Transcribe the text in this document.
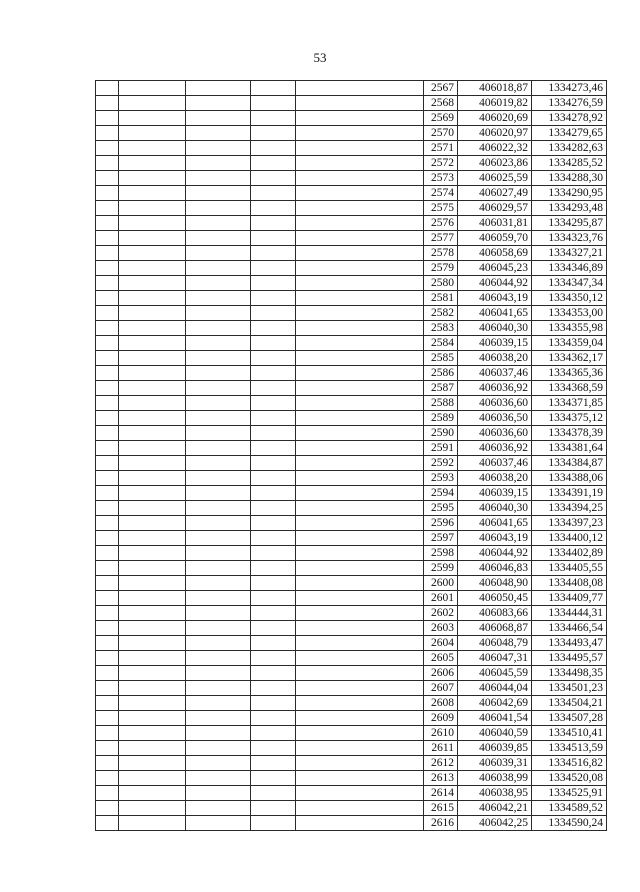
53
					2567	406018,87	1334273,46
					2568	406019,82	1334276,59
					2569	406020,69	1334278,92
					2570	406020,97	1334279,65
					2571	406022,32	1334282,63
					2572	406023,86	1334285,52
					2573	406025,59	1334288,30
					2574	406027,49	1334290,95
					2575	406029,57	1334293,48
					2576	406031,81	1334295,87
					2577	406059,70	1334323,76
					2578	406058,69	1334327,21
					2579	406045,23	1334346,89
					2580	406044,92	1334347,34
					2581	406043,19	1334350,12
					2582	406041,65	1334353,00
					2583	406040,30	1334355,98
					2584	406039,15	1334359,04
					2585	406038,20	1334362,17
					2586	406037,46	1334365,36
					2587	406036,92	1334368,59
					2588	406036,60	1334371,85
					2589	406036,50	1334375,12
					2590	406036,60	1334378,39
					2591	406036,92	1334381,64
					2592	406037,46	1334384,87
					2593	406038,20	1334388,06
					2594	406039,15	1334391,19
					2595	406040,30	1334394,25
					2596	406041,65	1334397,23
					2597	406043,19	1334400,12
					2598	406044,92	1334402,89
					2599	406046,83	1334405,55
					2600	406048,90	1334408,08
					2601	406050,45	1334409,77
					2602	406083,66	1334444,31
					2603	406068,87	1334466,54
					2604	406048,79	1334493,47
					2605	406047,31	1334495,57
					2606	406045,59	1334498,35
					2607	406044,04	1334501,23
					2608	406042,69	1334504,21
					2609	406041,54	1334507,28
					2610	406040,59	1334510,41
					2611	406039,85	1334513,59
					2612	406039,31	1334516,82
					2613	406038,99	1334520,08
					2614	406038,95	1334525,91
					2615	406042,21	1334589,52
					2616	406042,25	1334590,24
